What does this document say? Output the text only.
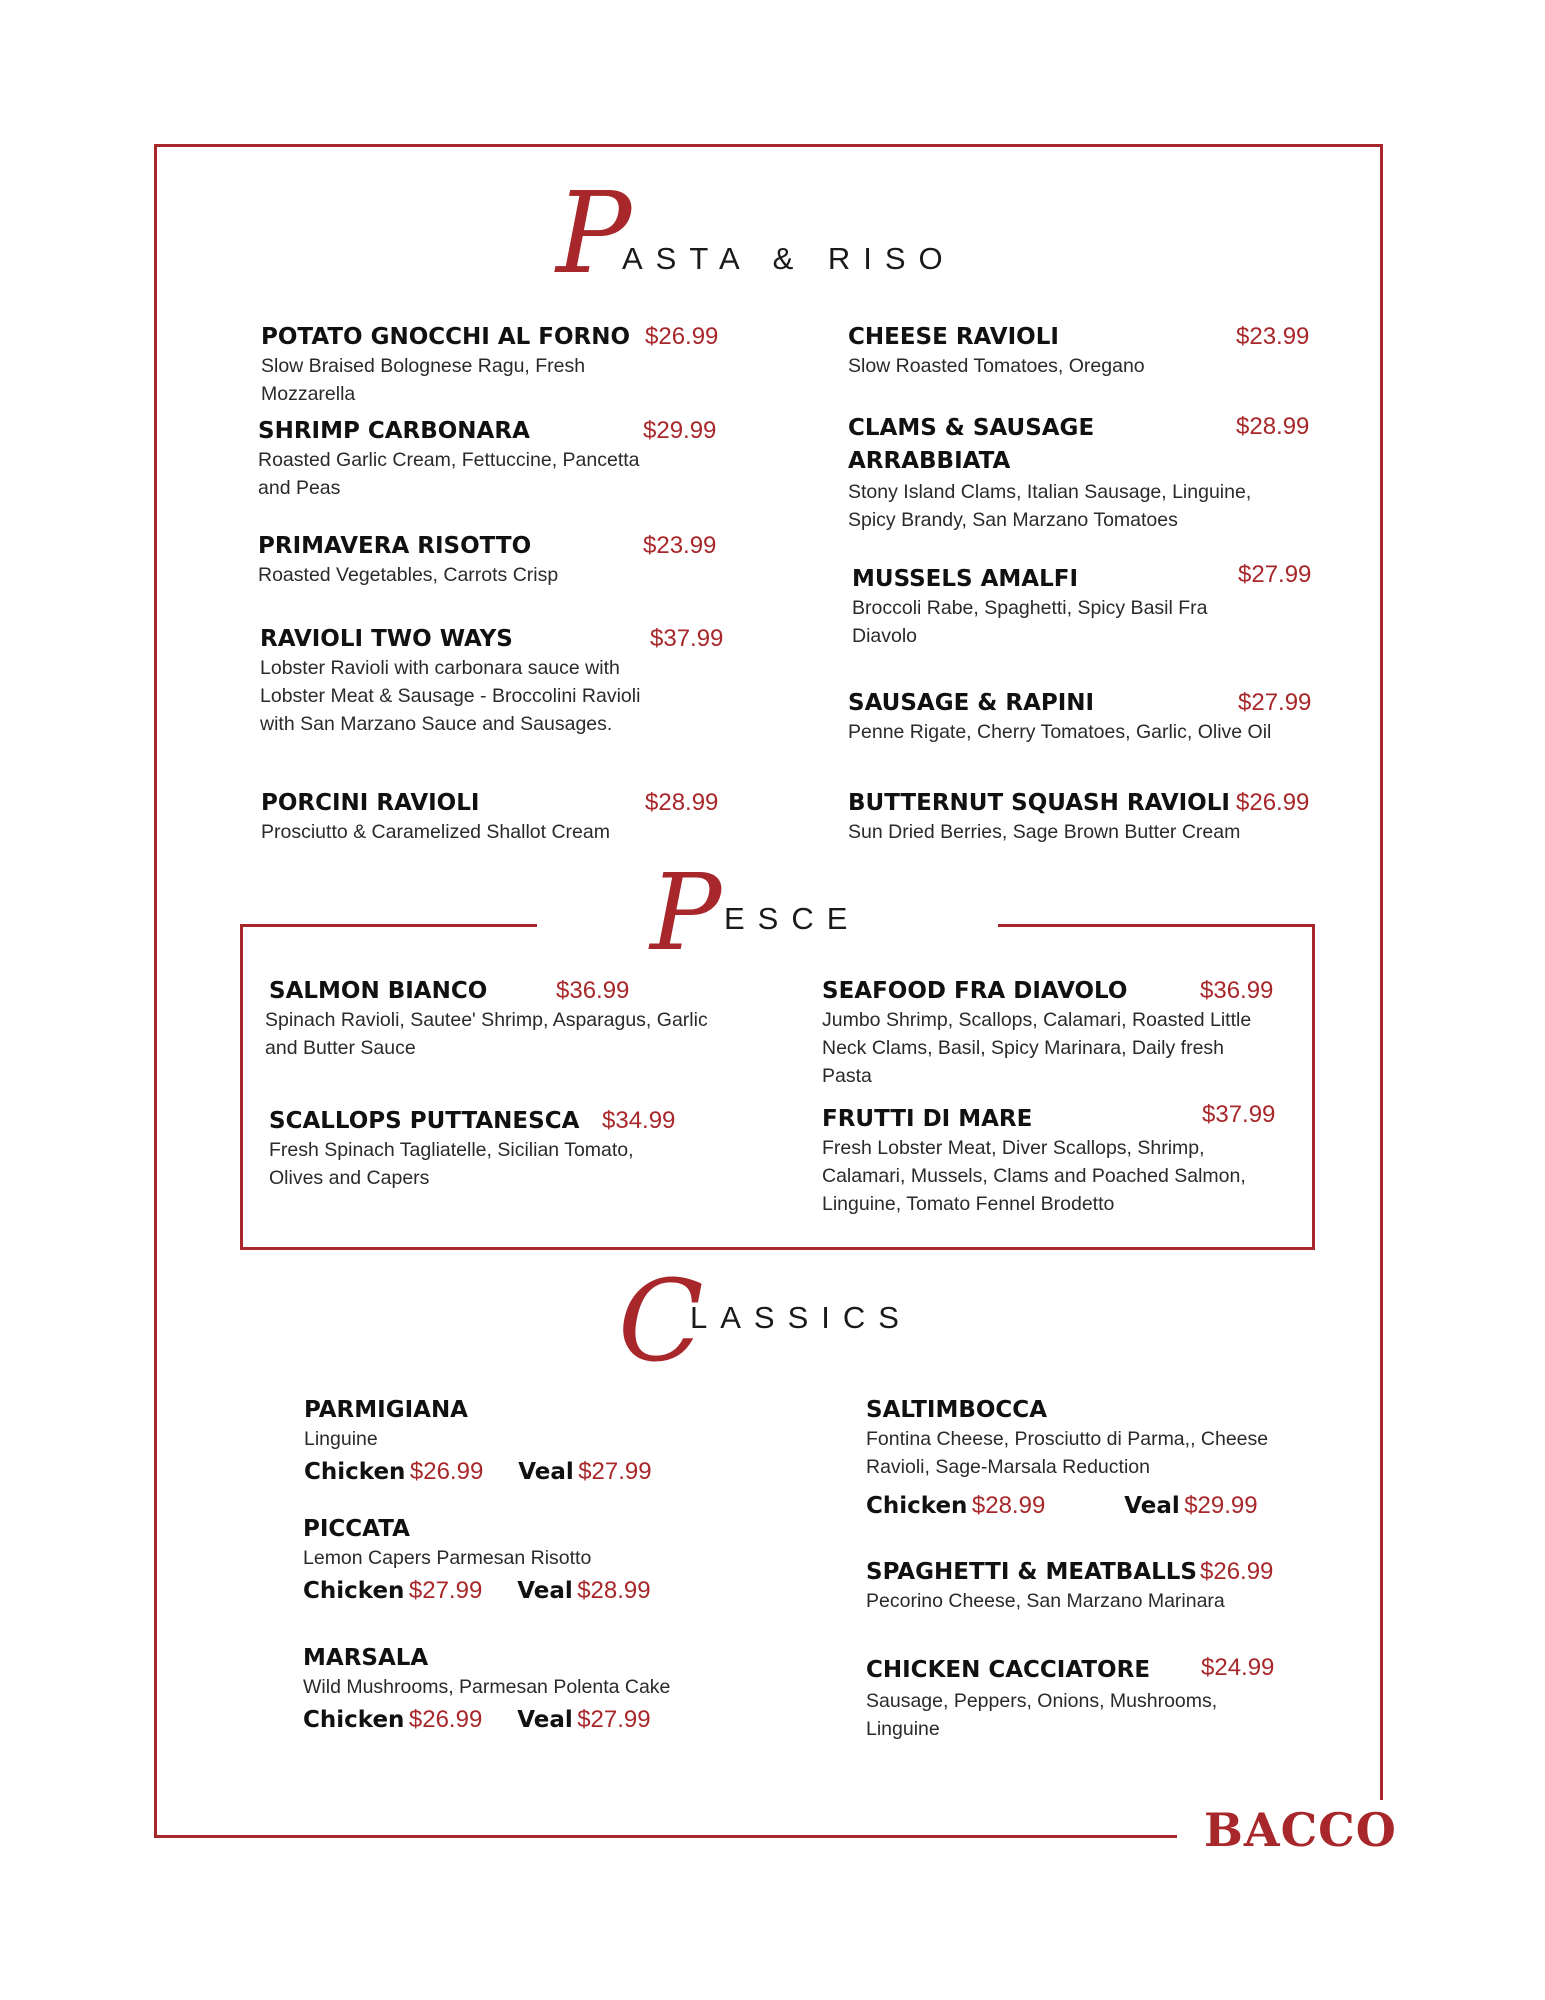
P
ASTA & RISO
POTATO GNOCCHI AL FORNO $26.99
Slow Braised Bolognese Ragu, Fresh Mozzarella
SHRIMP CARBONARA	$29.99
Roasted Garlic Cream, Fettuccine, Pancetta and Peas
PRIMAVERA RISOTTO	$23.99
Roasted Vegetables, Carrots Crisp
RAVIOLI TWO WAYS	$37.99
Lobster Ravioli with carbonara sauce with Lobster Meat & Sausage - Broccolini Ravioli with San Marzano Sauce and Sausages.
PORCINI RAVIOLI	$28.99
Prosciutto & Caramelized Shallot Cream
CHEESE RAVIOLI	$23.99
Slow Roasted Tomatoes, Oregano
CLAMS & SAUSAGE ARRABBIATA
$28.99
Stony Island Clams, Italian Sausage, Linguine, Spicy Brandy, San Marzano Tomatoes
MUSSELS AMALFI	$27.99
Broccoli Rabe, Spaghetti, Spicy Basil Fra Diavolo
SAUSAGE & RAPINI	$27.99
Penne Rigate, Cherry Tomatoes, Garlic, Olive Oil
BUTTERNUT SQUASH RAVIOLI $26.99
Sun Dried Berries, Sage Brown Butter Cream
P ESCE
SALMON BIANCO	$36.99
Spinach Ravioli, Sautee' Shrimp, Asparagus, Garlic and Butter Sauce
SCALLOPS PUTTANESCA $34.99
Fresh Spinach Tagliatelle, Sicilian Tomato, Olives and Capers
SEAFOOD FRA DIAVOLO	$36.99
Jumbo Shrimp, Scallops, Calamari, Roasted Little Neck Clams, Basil, Spicy Marinara, Daily fresh Pasta
FRUTTI DI MARE	$37.99
Fresh Lobster Meat, Diver Scallops, Shrimp, Calamari, Mussels, Clams and Poached Salmon, Linguine, Tomato Fennel Brodetto
C
LASSICS
PARMIGIANA
Linguine
Chicken $26.99 Veal $27.99
PICCATA
Lemon Capers Parmesan Risotto
Chicken $27.99 Veal $28.99
MARSALA
Wild Mushrooms, Parmesan Polenta Cake
Chicken $26.99 Veal $27.99
SALTIMBOCCA
Fontina Cheese, Prosciutto di Parma,, Cheese Ravioli, Sage-Marsala Reduction
Chicken $28.99	Veal $29.99
SPAGHETTI & MEATBALLS $26.99
Pecorino Cheese, San Marzano Marinara
CHICKEN CACCIATORE	$24.99
Sausage, Peppers, Onions, Mushrooms, Linguine
BACCO
